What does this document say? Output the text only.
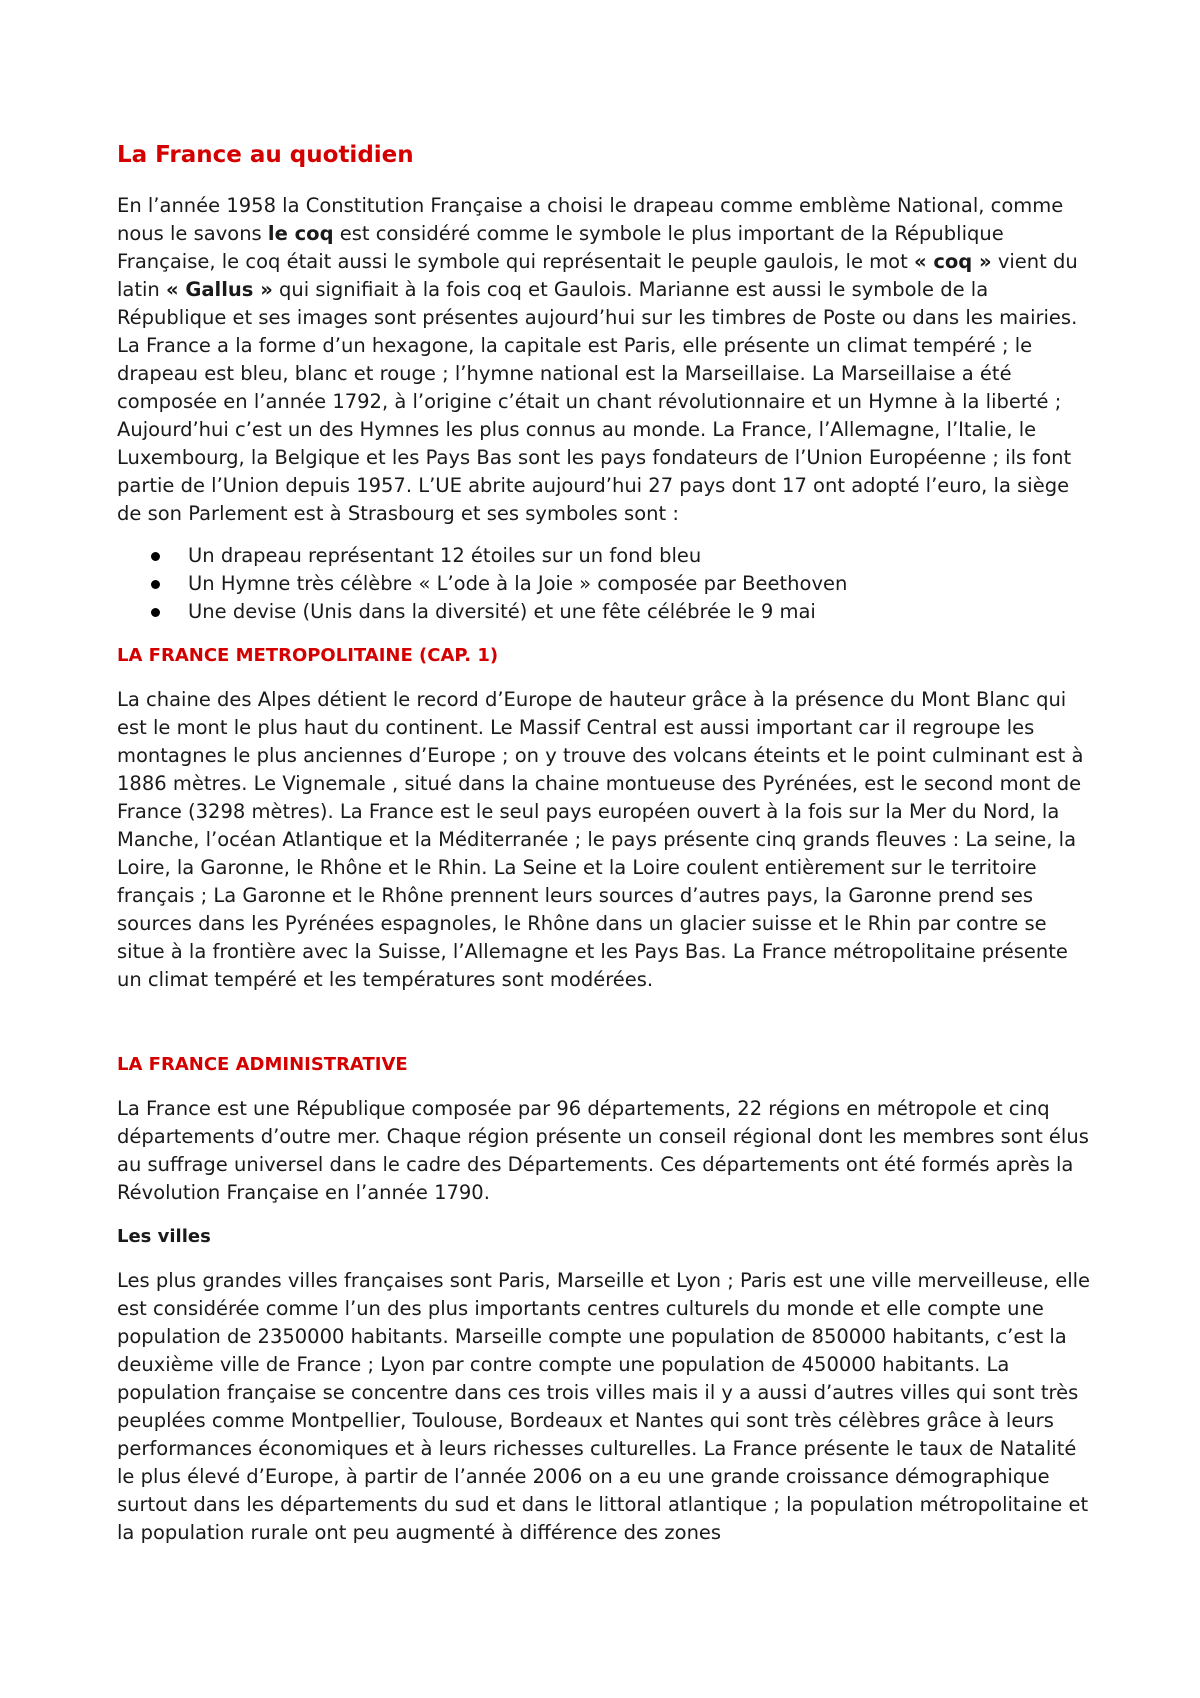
La France au quotidien

En l’année 1958 la Constitution Française a choisi le drapeau comme emblème National, comme nous le savons le coq est considéré comme le symbole le plus important de la République Française, le coq était aussi le symbole qui représentait le peuple gaulois, le mot « coq » vient du latin « Gallus » qui signifiait à la fois coq et Gaulois. Marianne est aussi le symbole de la République et ses images sont présentes aujourd’hui sur les timbres de Poste ou dans les mairies. La France a la forme d’un hexagone, la capitale est Paris, elle présente un climat tempéré ; le drapeau est bleu, blanc et rouge ; l’hymne national est la Marseillaise. La Marseillaise a été composée en l’année 1792, à l’origine c’était un chant révolutionnaire et un Hymne à la liberté ; Aujourd’hui c’est un des Hymnes les plus connus au monde. La France, l’Allemagne, l’Italie, le Luxembourg, la Belgique et les Pays Bas sont les pays fondateurs de l’Union Européenne ; ils font partie de l’Union depuis 1957. L’UE abrite aujourd’hui 27 pays dont 17 ont adopté l’euro, la siège de son Parlement est à Strasbourg et ses symboles sont :

Un drapeau représentant 12 étoiles sur un fond bleu
Un Hymne très célèbre « L’ode à la Joie » composée par Beethoven
Une devise (Unis dans la diversité) et une fête célébrée le 9 mai
LA FRANCE METROPOLITAINE (CAP. 1)

La chaine des Alpes détient le record d’Europe de hauteur grâce à la présence du Mont Blanc qui est le mont le plus haut du continent. Le Massif Central est aussi important car il regroupe les montagnes le plus anciennes d’Europe ; on y trouve des volcans éteints et le point culminant est à 1886 mètres. Le Vignemale , situé dans la chaine montueuse des Pyrénées, est le second mont de France (3298 mètres). La France est le seul pays européen ouvert à la fois sur la Mer du Nord, la Manche, l’océan Atlantique et la Méditerranée ; le pays présente cinq grands fleuves : La seine, la Loire, la Garonne, le Rhône et le Rhin. La Seine et la Loire coulent entièrement sur le territoire français ; La Garonne et le Rhône prennent leurs sources d’autres pays, la Garonne prend ses sources dans les Pyrénées espagnoles, le Rhône dans un glacier suisse et le Rhin par contre se situe à la frontière avec la Suisse, l’Allemagne et les Pays Bas. La France métropolitaine présente un climat tempéré et les températures sont modérées.

LA FRANCE ADMINISTRATIVE

La France est une République composée par 96 départements, 22 régions en métropole et cinq départements d’outre mer. Chaque région présente un conseil régional dont les membres sont élus au suffrage universel dans le cadre des Départements. Ces départements ont été formés après la Révolution Française en l’année 1790.

Les villes

Les plus grandes villes françaises sont Paris, Marseille et Lyon ; Paris est une ville merveilleuse, elle est considérée comme l’un des plus importants centres culturels du monde et elle compte une population de 2350000 habitants. Marseille compte une population de 850000 habitants, c’est la deuxième ville de France ; Lyon par contre compte une population de 450000 habitants. La population française se concentre dans ces trois villes mais il y a aussi d’autres villes qui sont très peuplées comme Montpellier, Toulouse, Bordeaux et Nantes qui sont très célèbres grâce à leurs performances économiques et à leurs richesses culturelles. La France présente le taux de Natalité le plus élevé d’Europe, à partir de l’année 2006 on a eu une grande croissance démographique surtout dans les départements du sud et dans le littoral atlantique ; la population métropolitaine et la population rurale ont peu augmenté à différence des zones
